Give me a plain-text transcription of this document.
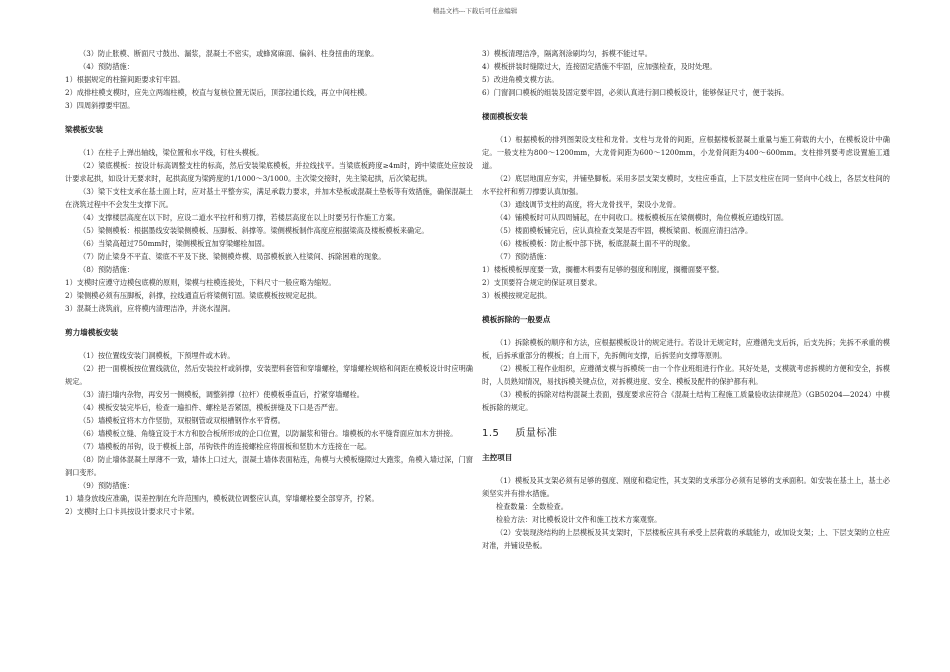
精品文档---下载后可任意编辑

（3）防止胀模、断面尺寸鼓出、漏浆，混凝土不密实，或蜂窝麻面、偏斜、柱身扭曲的现象。

（4）预防措施：

1）根据规定的柱箍间距要求钉牢固。

2）成排柱模支模时，应先立两端柱模，校直与复核位置无误后，顶部拉通长线，再立中间柱模。

3）四周斜撑要牢固。

梁模板安装

（1）在柱子上弹出轴线，梁位置和水平线，钉柱头模板。

（2）梁底模板：按设计标高调整支柱的标高，然后安装梁底模板，并拉线找平。当梁底板跨度≥4m时，跨中梁底处应按设计要求起拱，如设计无要求时，起拱高度为梁跨度的1/1000～3/1000。主次梁交接时，先主梁起拱，后次梁起拱。

（3）梁下支柱支承在基土面上时，应对基土平整夯实，满足承载力要求，并加木垫板或混凝土垫板等有效措施，确保混凝土在浇筑过程中不会发生支撑下沉。

（4）支撑楼层高度在以下时，应设二道水平拉杆和剪刀撑，若楼层高度在以上时要另行作施工方案。

（5）梁侧模板：根据墨线安装梁侧模板、压脚板、斜撑等。梁侧模板制作高度应根据梁高及楼板模板来确定。

（6）当梁高超过750mm时，梁侧模板宜加穿梁螺栓加固。

（7）防止梁身不平直、梁底不平及下挠、梁侧模炸模、局部模板嵌入柱梁间、拆除困难的现象。

（8）预防措施：

1）支模时应遵守边模包底模的原则，梁模与柱模连接处，下料尺寸一般应略为缩短。

2）梁侧模必须有压脚板，斜撑，拉线通直后将梁侧钉固。梁底模板按规定起拱。

3）混凝土浇筑前，应将模内清理洁净，并浇水湿润。

剪力墙模板安装

（1）按位置线安装门洞模板，下预埋件或木砖。

（2）把一面模板按位置线就位，然后安装拉杆或斜撑，安装塑料套管和穿墙螺栓，穿墙螺栓规格和间距在模板设计时应明确规定。

（3）清扫墙内杂物，再安另一侧模板，调整斜撑（拉杆）使模板垂直后，拧紧穿墙螺栓。

（4）模板安装完毕后，检查一遍扣件、螺栓是否紧固，模板拼缝及下口是否严密。

（5）墙模板宜将木方作竖肋，双根钢管或双根槽钢作水平背楞。

（6）墙模板立缝、角缝宜设于木方和胶合板所形成的企口位置，以防漏浆和错台。墙模板的水平缝背面应加木方拼接。

（7）墙模板的吊钩，设于模板上部，吊钩铁件的连接螺栓应将面板和竖肋木方连接在一起。

（8）防止墙体混凝土厚薄不一致，墙体上口过大，混凝土墙体表面粘连，角模与大模板缝隙过大跑浆，角模入墙过深，门窗洞口变形。

（9）预防措施：

1）墙身放线应准确，误差控制在允许范围内，模板就位调整应认真，穿墙螺栓要全部穿齐，拧紧。

2）支模时上口卡具按设计要求尺寸卡紧。

3）模板清理洁净，隔离剂涂刷均匀，拆模不能过早。

4）模板拼装时缝隙过大，连接固定措施不牢固，应加强检查，及时处理。

5）改进角模支模方法。

6）门窗洞口模板的组装及固定要牢固，必须认真进行洞口模板设计，能够保证尺寸，便于装拆。

楼面模板安装

（1）根据模板的排列图架设支柱和龙骨。支柱与龙骨的间距，应根据楼板混凝土重量与施工荷载的大小，在模板设计中确定。一般支柱为800～1200mm，大龙骨间距为600～1200mm，小龙骨间距为400～600mm。支柱排列要考虑设置施工通道。

（2）底层地面应夯实，并铺垫脚板。采用多层支架支模时，支柱应垂直，上下层支柱应在同一竖向中心线上，各层支柱间的水平拉杆和剪刀撑要认真加强。

（3）通线调节支柱的高度，将大龙骨找平，架设小龙骨。

（4）铺模板时可从四周铺起，在中间收口。楼板模板压在梁侧模时，角位模板应通线钉固。

（5）楼面模板铺完后，应认真检查支架是否牢固，模板梁面、板面应清扫洁净。

（6）楼板模板：防止板中部下挠，板底混凝土面不平的现象。

（7）预防措施：

1）楼板模板厚度要一致，搁栅木料要有足够的强度和刚度，搁栅面要平整。

2）支顶要符合规定的保证项目要求。

3）板模按规定起拱。

模板拆除的一般要点

（1）拆除模板的顺序和方法，应根据模板设计的规定进行。若设计无规定时，应遵循先支后拆，后支先拆；先拆不承重的模板，后拆承重部分的模板；自上而下，先拆侧向支撑，后拆竖向支撑等原则。

（2）模板工程作业组织，应遵循支模与拆模统一由一个作业班组进行作业。其好处是，支模就考虑拆模的方便和安全，拆模时，人员熟知情况，易找拆模关键点位，对拆模进度、安全、模板及配件的保护都有利。

（3）模板的拆除对结构混凝土表面，强度要求应符合《混凝土结构工程施工质量验收法律规范》（GB50204—2024）中模板拆除的规定。

1.5 质量标准
主控项目

（1）模板及其支架必须有足够的强度、刚度和稳定性，其支架的支承部分必须有足够的支承面积。如安装在基土上，基土必须坚实并有排水措施。

检查数量：全数检查。

检验方法：对比模板设计文件和施工技术方案观察。

（2）安装现浇结构的上层模板及其支架时，下层楼板应具有承受上层荷载的承载能力，或加设支架；上、下层支架的立柱应对准，并铺设垫板。
